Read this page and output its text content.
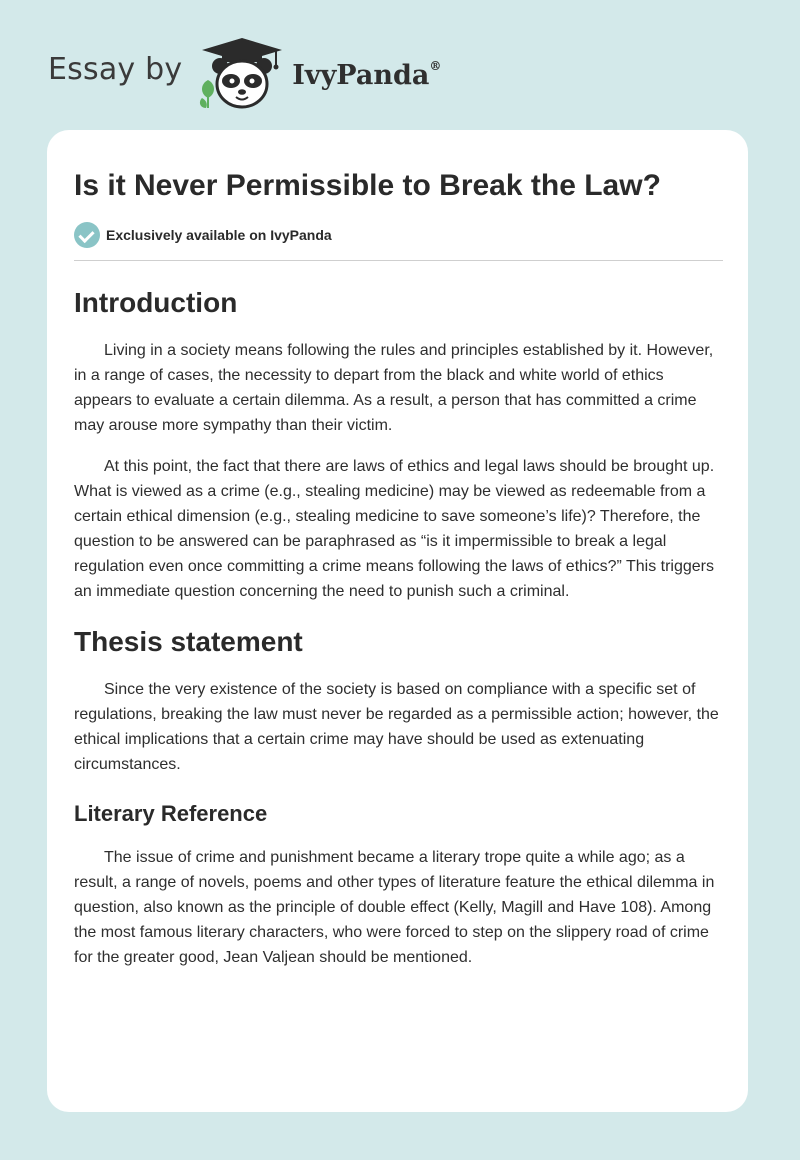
Essay by	IvyPanda®
Is it Never Permissible to Break the Law?
Exclusively available on IvyPanda
Introduction

Living in a society means following the rules and principles established by it. However, in a range of cases, the necessity to depart from the black and white world of ethics appears to evaluate a certain dilemma. As a result, a person that has committed a crime may arouse more sympathy than their victim.

At this point, the fact that there are laws of ethics and legal laws should be brought up. What is viewed as a crime (e.g., stealing medicine) may be viewed as redeemable from a certain ethical dimension (e.g., stealing medicine to save someone’s life)? Therefore, the question to be answered can be paraphrased as “is it impermissible to break a legal regulation even once committing a crime means following the laws of ethics?” This triggers an immediate question concerning the need to punish such a criminal.

Thesis statement

Since the very existence of the society is based on compliance with a specific set of regulations, breaking the law must never be regarded as a permissible action; however, the ethical implications that a certain crime may have should be used as extenuating circumstances.

Literary Reference

The issue of crime and punishment became a literary trope quite a while ago; as a result, a range of novels, poems and other types of literature feature the ethical dilemma in question, also known as the principle of double effect (Kelly, Magill and Have 108). Among the most famous literary characters, who were forced to step on the slippery road of crime for the greater good, Jean Valjean should be mentioned.
